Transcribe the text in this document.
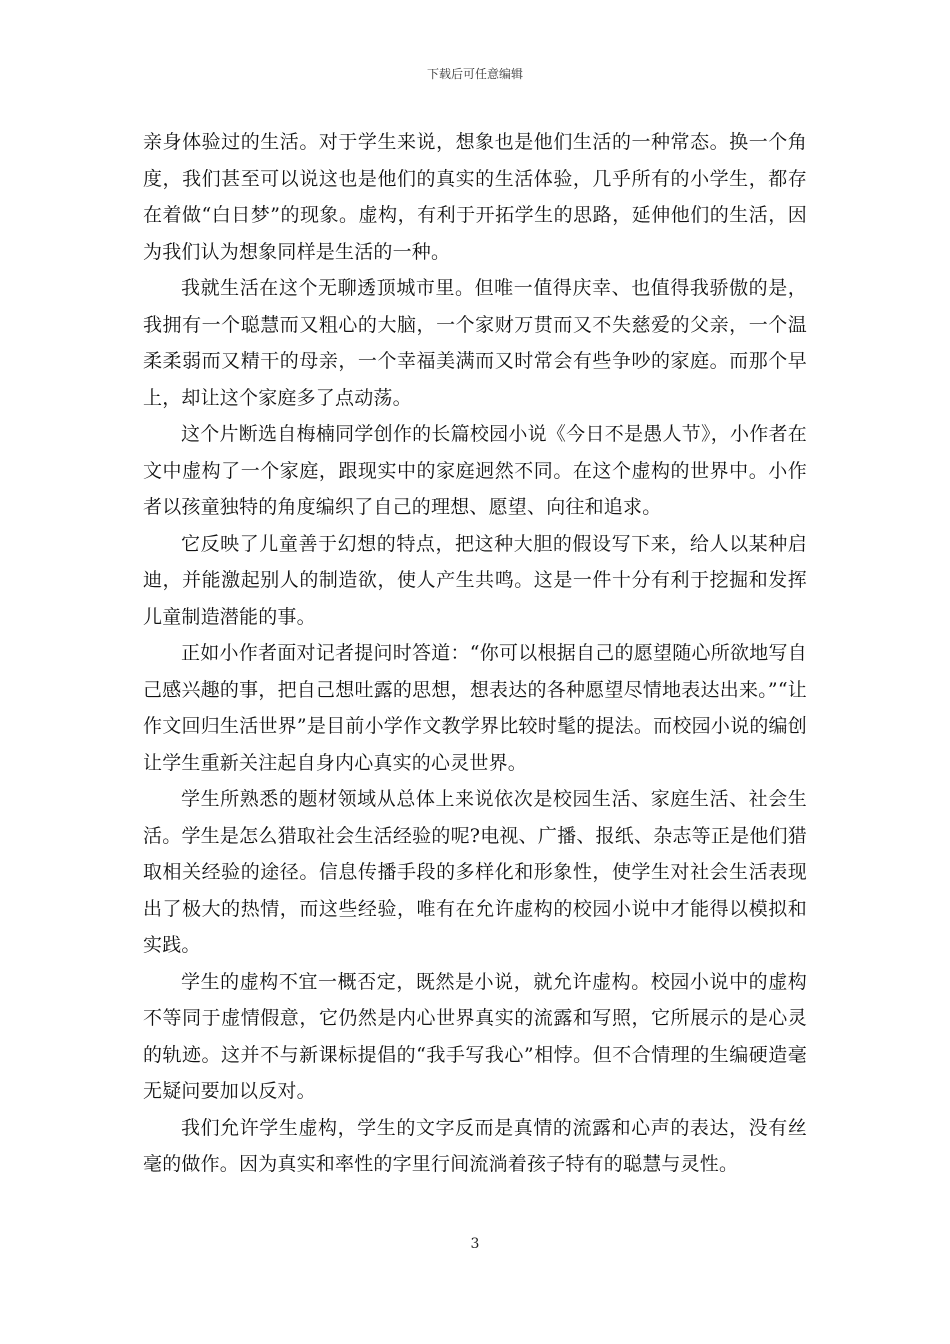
下载后可任意编辑

亲身体验过的生活。对于学生来说，想象也是他们生活的一种常态。换一个角度，我们甚至可以说这也是他们的真实的生活体验，几乎所有的小学生，都存在着做“白日梦”的现象。虚构，有利于开拓学生的思路，延伸他们的生活，因为我们认为想象同样是生活的一种。

我就生活在这个无聊透顶城市里。但唯一值得庆幸、也值得我骄傲的是，我拥有一个聪慧而又粗心的大脑，一个家财万贯而又不失慈爱的父亲，一个温柔柔弱而又精干的母亲，一个幸福美满而又时常会有些争吵的家庭。而那个早上，却让这个家庭多了点动荡。

这个片断选自梅楠同学创作的长篇校园小说《今日不是愚人节》，小作者在文中虚构了一个家庭，跟现实中的家庭迥然不同。在这个虚构的世界中。小作者以孩童独特的角度编织了自己的理想、愿望、向往和追求。

它反映了儿童善于幻想的特点，把这种大胆的假设写下来，给人以某种启迪，并能激起别人的制造欲，使人产生共鸣。这是一件十分有利于挖掘和发挥儿童制造潜能的事。

正如小作者面对记者提问时答道：“你可以根据自己的愿望随心所欲地写自己感兴趣的事，把自己想吐露的思想，想表达的各种愿望尽情地表达出来。”“让作文回归生活世界”是目前小学作文教学界比较时髦的提法。而校园小说的编创让学生重新关注起自身内心真实的心灵世界。

学生所熟悉的题材领域从总体上来说依次是校园生活、家庭生活、社会生活。学生是怎么猎取社会生活经验的呢?电视、广播、报纸、杂志等正是他们猎取相关经验的途径。信息传播手段的多样化和形象性，使学生对社会生活表现出了极大的热情，而这些经验，唯有在允许虚构的校园小说中才能得以模拟和实践。

学生的虚构不宜一概否定，既然是小说，就允许虚构。校园小说中的虚构不等同于虚情假意，它仍然是内心世界真实的流露和写照，它所展示的是心灵的轨迹。这并不与新课标提倡的“我手写我心”相悖。但不合情理的生编硬造毫无疑问要加以反对。

我们允许学生虚构，学生的文字反而是真情的流露和心声的表达，没有丝毫的做作。因为真实和率性的字里行间流淌着孩子特有的聪慧与灵性。

3
